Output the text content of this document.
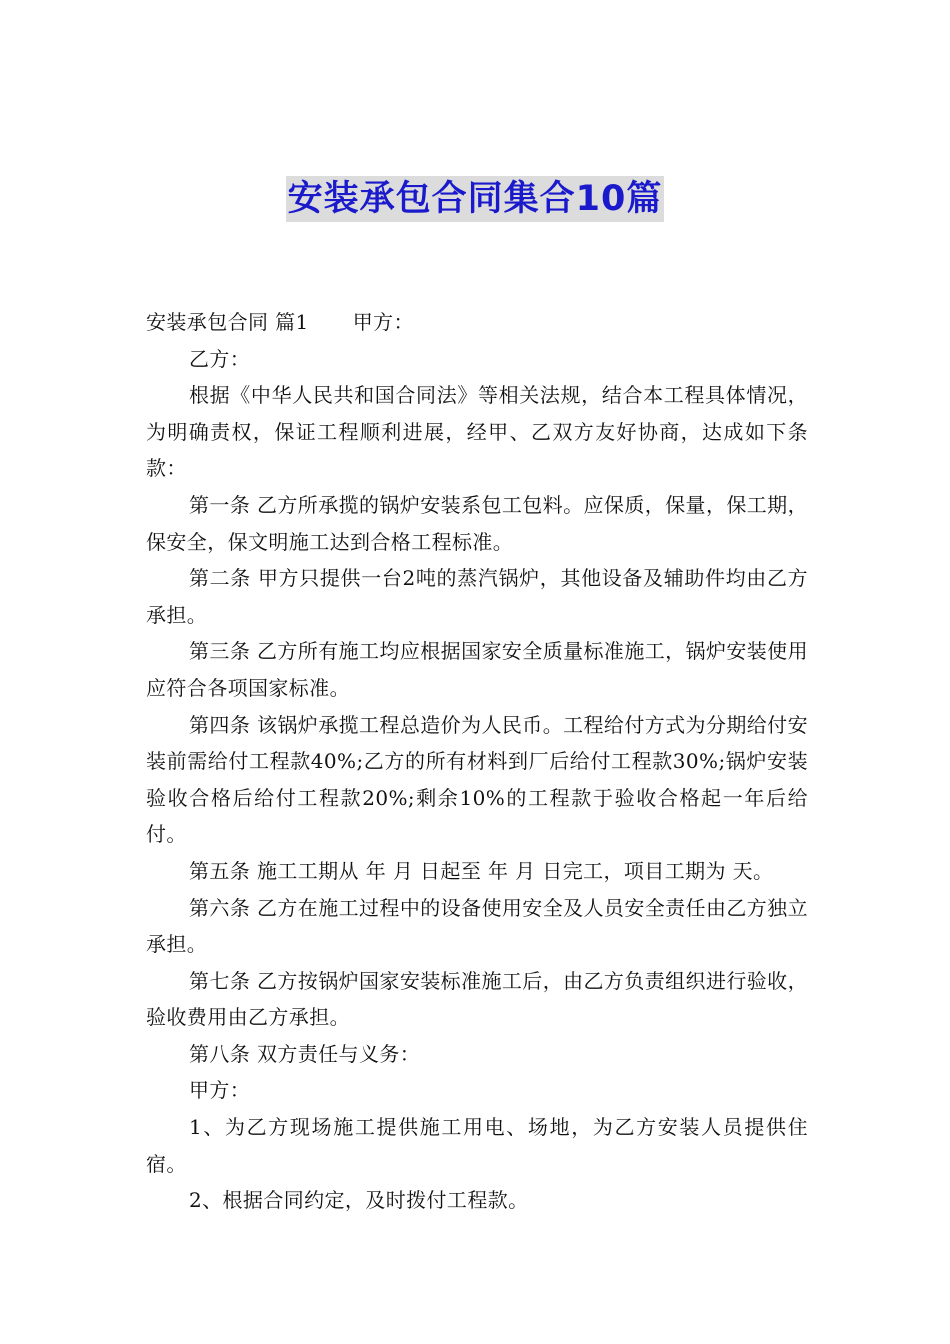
安装承包合同集合10篇

安装承包合同 篇1 甲方：

乙方：

根据《中华人民共和国合同法》等相关法规，结合本工程具体情况，为明确责权，保证工程顺利进展，经甲、乙双方友好协商，达成如下条款：

第一条 乙方所承揽的锅炉安装系包工包料。应保质，保量，保工期，保安全，保文明施工达到合格工程标准。

第二条 甲方只提供一台2吨的蒸汽锅炉，其他设备及辅助件均由乙方承担。

第三条 乙方所有施工均应根据国家安全质量标准施工，锅炉安装使用应符合各项国家标准。

第四条 该锅炉承揽工程总造价为人民币。工程给付方式为分期给付安装前需给付工程款40%;乙方的所有材料到厂后给付工程款30%;锅炉安装验收合格后给付工程款20%;剩余10%的工程款于验收合格起一年后给付。

第五条 施工工期从 年 月 日起至 年 月 日完工，项目工期为 天。

第六条 乙方在施工过程中的设备使用安全及人员安全责任由乙方独立承担。

第七条 乙方按锅炉国家安装标准施工后，由乙方负责组织进行验收，验收费用由乙方承担。

第八条 双方责任与义务：

甲方：

1、为乙方现场施工提供施工用电、场地，为乙方安装人员提供住宿。

2、根据合同约定，及时拨付工程款。
